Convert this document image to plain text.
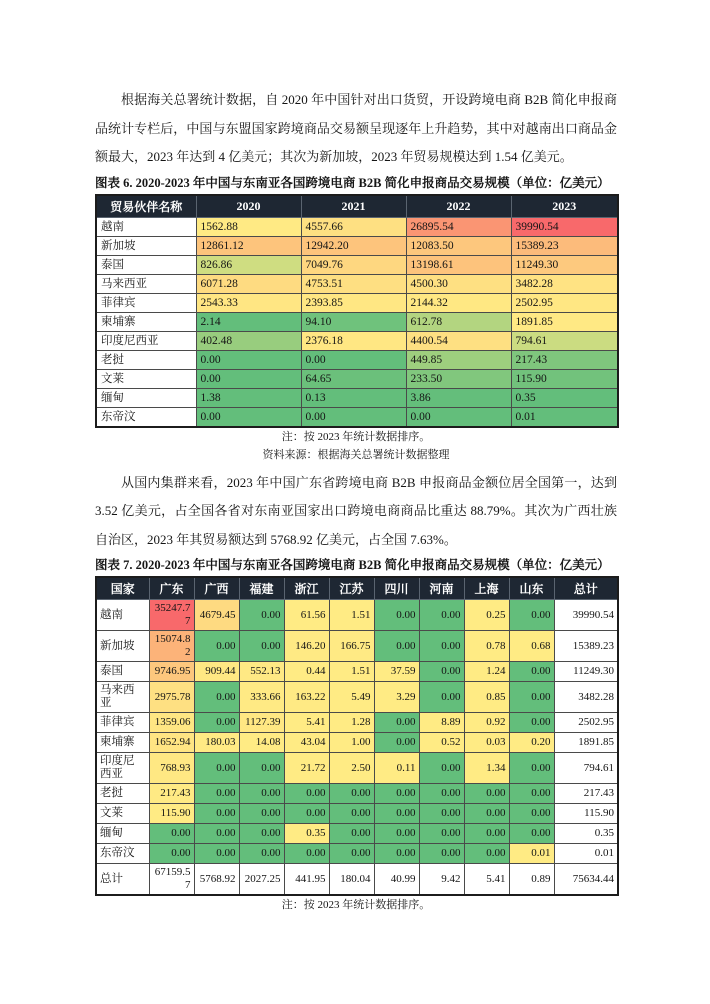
根据海关总署统计数据，自 2020 年中国针对出口货贸，开设跨境电商 B2B 简化申报商品统计专栏后，中国与东盟国家跨境商品交易额呈现逐年上升趋势，其中对越南出口商品金额最大，2023 年达到 4 亿美元；其次为新加坡，2023 年贸易规模达到 1.54 亿美元。

图表 6. 2020-2023 年中国与东南亚各国跨境电商 B2B 简化申报商品交易规模（单位：亿美元）
贸易伙伴名称	2020	2021	2022	2023
越南	1562.88	4557.66	26895.54	39990.54
新加坡	12861.12	12942.20	12083.50	15389.23
泰国	826.86	7049.76	13198.61	11249.30
马来西亚	6071.28	4753.51	4500.30	3482.28
菲律宾	2543.33	2393.85	2144.32	2502.95
柬埔寨	2.14	94.10	612.78	1891.85
印度尼西亚	402.48	2376.18	4400.54	794.61
老挝	0.00	0.00	449.85	217.43
文莱	0.00	64.65	233.50	115.90
缅甸	1.38	0.13	3.86	0.35
东帝汶	0.00	0.00	0.00	0.01
注：按 2023 年统计数据排序。
资料来源：根据海关总署统计数据整理

从国内集群来看，2023 年中国广东省跨境电商 B2B 申报商品金额位居全国第一，达到 3.52 亿美元，占全国各省对东南亚国家出口跨境电商商品比重达 88.79%。其次为广西壮族自治区，2023 年其贸易额达到 5768.92 亿美元，占全国 7.63%。

图表 7. 2020-2023 年中国与东南亚各国跨境电商 B2B 简化申报商品交易规模（单位：亿美元）
国家	广东	广西	福建	浙江	江苏	四川	河南	上海	山东	总计
越南	35247.77	4679.45	0.00	61.56	1.51	0.00	0.00	0.25	0.00	39990.54
新加坡	15074.82	0.00	0.00	146.20	166.75	0.00	0.00	0.78	0.68	15389.23
泰国	9746.95	909.44	552.13	0.44	1.51	37.59	0.00	1.24	0.00	11249.30
马来西亚	2975.78	0.00	333.66	163.22	5.49	3.29	0.00	0.85	0.00	3482.28
菲律宾	1359.06	0.00	1127.39	5.41	1.28	0.00	8.89	0.92	0.00	2502.95
柬埔寨	1652.94	180.03	14.08	43.04	1.00	0.00	0.52	0.03	0.20	1891.85
印度尼西亚	768.93	0.00	0.00	21.72	2.50	0.11	0.00	1.34	0.00	794.61
老挝	217.43	0.00	0.00	0.00	0.00	0.00	0.00	0.00	0.00	217.43
文莱	115.90	0.00	0.00	0.00	0.00	0.00	0.00	0.00	0.00	115.90
缅甸	0.00	0.00	0.00	0.35	0.00	0.00	0.00	0.00	0.00	0.35
东帝汶	0.00	0.00	0.00	0.00	0.00	0.00	0.00	0.00	0.01	0.01
总计	67159.57	5768.92	2027.25	441.95	180.04	40.99	9.42	5.41	0.89	75634.44
注：按 2023 年统计数据排序。
